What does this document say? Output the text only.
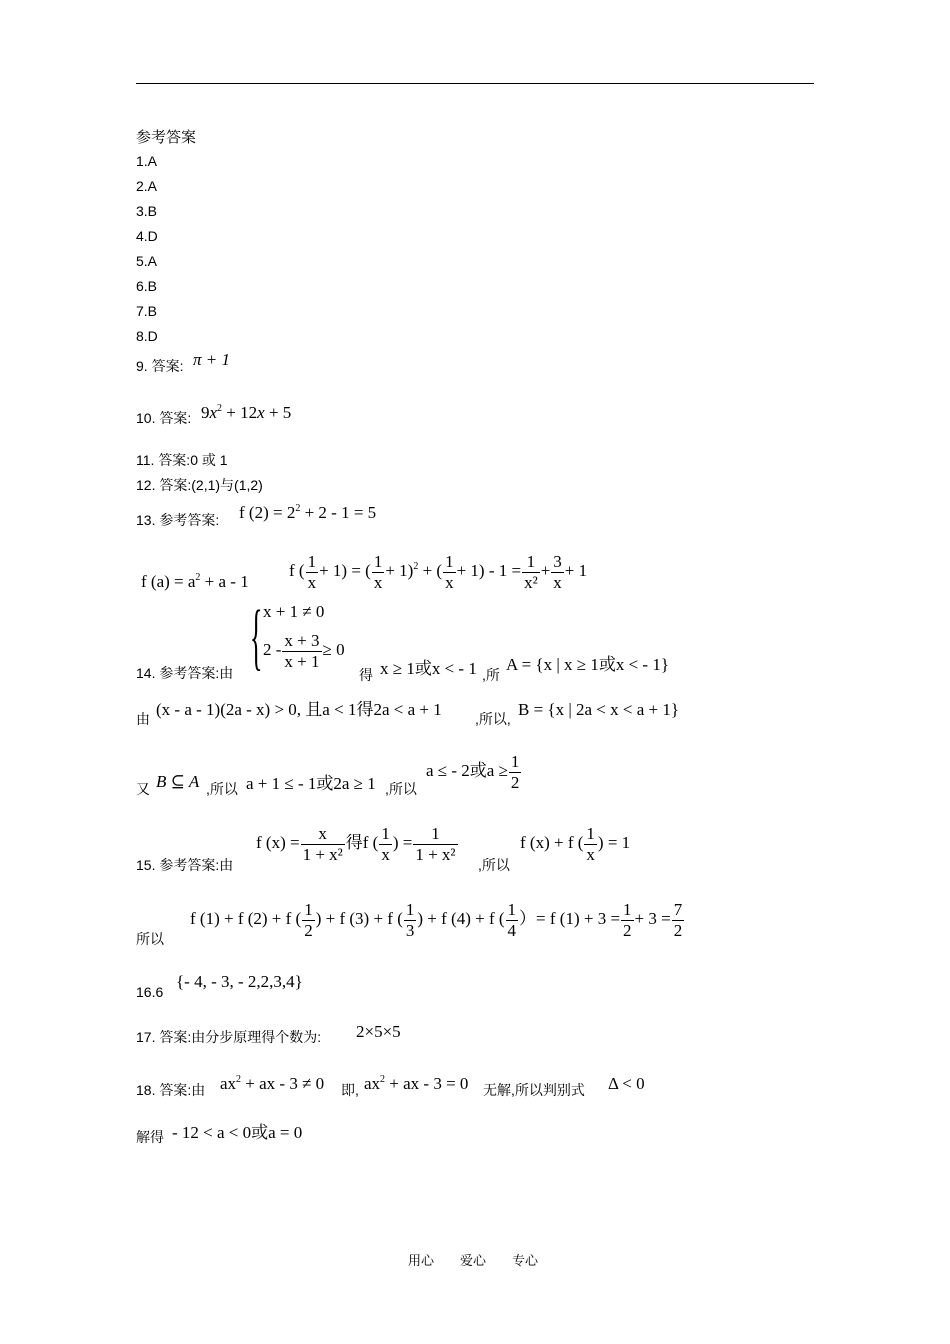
参考答案
1.A
2.A
3.B
4.D
5.A
6.B
7.B
8.D
9. 答案: π + 1
10. 答案: $9x^2 + 12x + 5$
11. 答案:0 或 1
12. 答案:(2,1)与(1,2)
13. 参考答案: f $(2) = 2^2 + 2 - 1 = 5$
f $(a) = a^2 + a - 1$
f ( $\frac{1}{x} + 1$) = ( $\frac{1}{x} + 1)^2$ + ( $\frac{1}{x} + 1) - 1 = \frac{1}{\text{x²}} + \frac{3}{x} + 1$
{ x + 1 ≠ 0
$2 - \frac{x + 3}{x + 1} \ge 0$
14. 参考答案:由	得 x ≥ 1或x < - 1 ,所
A = {x | x ≥ 1或x < - 1}
由 (x - a - 1)(2a - x) > 0, 且a < 1得2a < a + 1 ,所以, B = {x | 2a < x < a + 1}
又 B ⊆ A ,所以 a + 1 ≤ - 1或2a ≥ 1 ,所以
a ≤ - 2或$a \ge \frac{1}{2}$
15. 参考答案:由
f $(x) = \frac{x}{\text{1 + x²}}$ 得f ( $\frac{1}{x}$ ) = $\frac{1}{\text{1 + x²}}$
,所以
f (x) + f ( $\frac{1}{x}$ ) = 1
所以
f (1) + f (2) + f ( $\frac{1}{2}$ ) + f (3) + f ( $\frac{1}{3}$ ) + f (4) + f ( $\frac{1}{4}$ ）= f $(1) + 3 = \frac{1}{2} + 3 = \frac{7}{2}$
16.6
{- 4, - 3, - 2,2,3,4}
17. 答案:由分步原理得个数为: 2×5×5
18. 答案:由 $ax^2$ + ax - 3 ≠ 0 即, $ax^2$ + ax - 3 = 0 无解,所以判别式 Δ < 0
解得 - 12 < a < 0或a = 0
用心 爱心 专心
